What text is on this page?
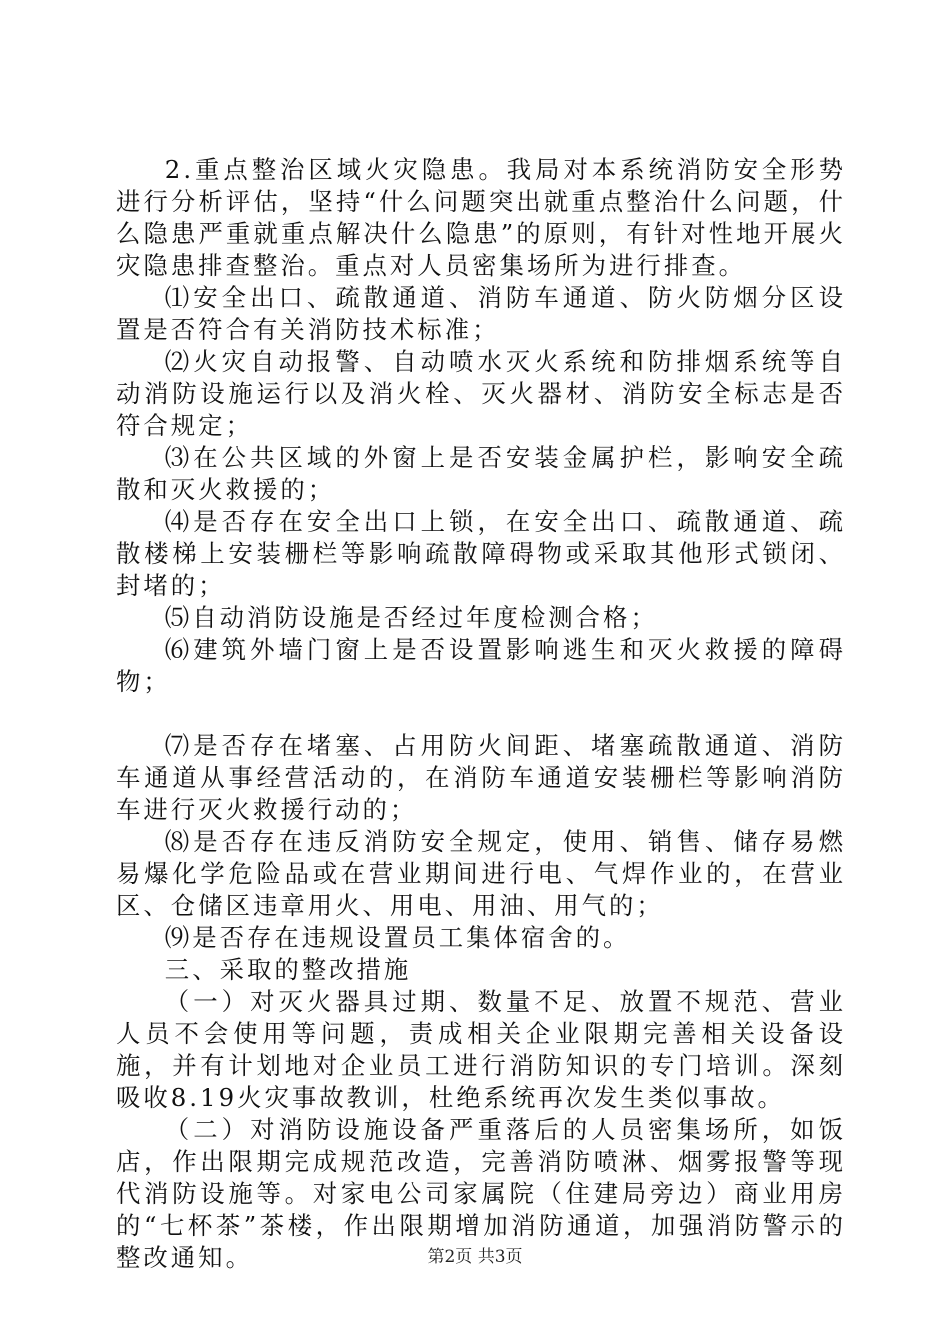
2.重点整治区域火灾隐患。我局对本系统消防安全形势进行分析评估，坚持“什么问题突出就重点整治什么问题，什么隐患严重就重点解决什么隐患”的原则，有针对性地开展火灾隐患排查整治。重点对人员密集场所为进行排查。

⑴安全出口、疏散通道、消防车通道、防火防烟分区设置是否符合有关消防技术标准；

⑵火灾自动报警、自动喷水灭火系统和防排烟系统等自动消防设施运行以及消火栓、灭火器材、消防安全标志是否符合规定；

⑶在公共区域的外窗上是否安装金属护栏，影响安全疏散和灭火救援的；

⑷是否存在安全出口上锁，在安全出口、疏散通道、疏散楼梯上安装栅栏等影响疏散障碍物或采取其他形式锁闭、封堵的；

⑸自动消防设施是否经过年度检测合格；

⑹建筑外墙门窗上是否设置影响逃生和灭火救援的障碍物；

⑺是否存在堵塞、占用防火间距、堵塞疏散通道、消防车通道从事经营活动的，在消防车通道安装栅栏等影响消防车进行灭火救援行动的；

⑻是否存在违反消防安全规定，使用、销售、储存易燃易爆化学危险品或在营业期间进行电、气焊作业的，在营业区、仓储区违章用火、用电、用油、用气的；

⑼是否存在违规设置员工集体宿舍的。

三、采取的整改措施

（一）对灭火器具过期、数量不足、放置不规范、营业人员不会使用等问题，责成相关企业限期完善相关设备设施，并有计划地对企业员工进行消防知识的专门培训。深刻吸收8.19火灾事故教训，杜绝系统再次发生类似事故。

（二）对消防设施设备严重落后的人员密集场所，如饭店，作出限期完成规范改造，完善消防喷淋、烟雾报警等现代消防设施等。对家电公司家属院（住建局旁边）商业用房的“七杯茶”茶楼，作出限期增加消防通道，加强消防警示的整改通知。	第2页 共3页
